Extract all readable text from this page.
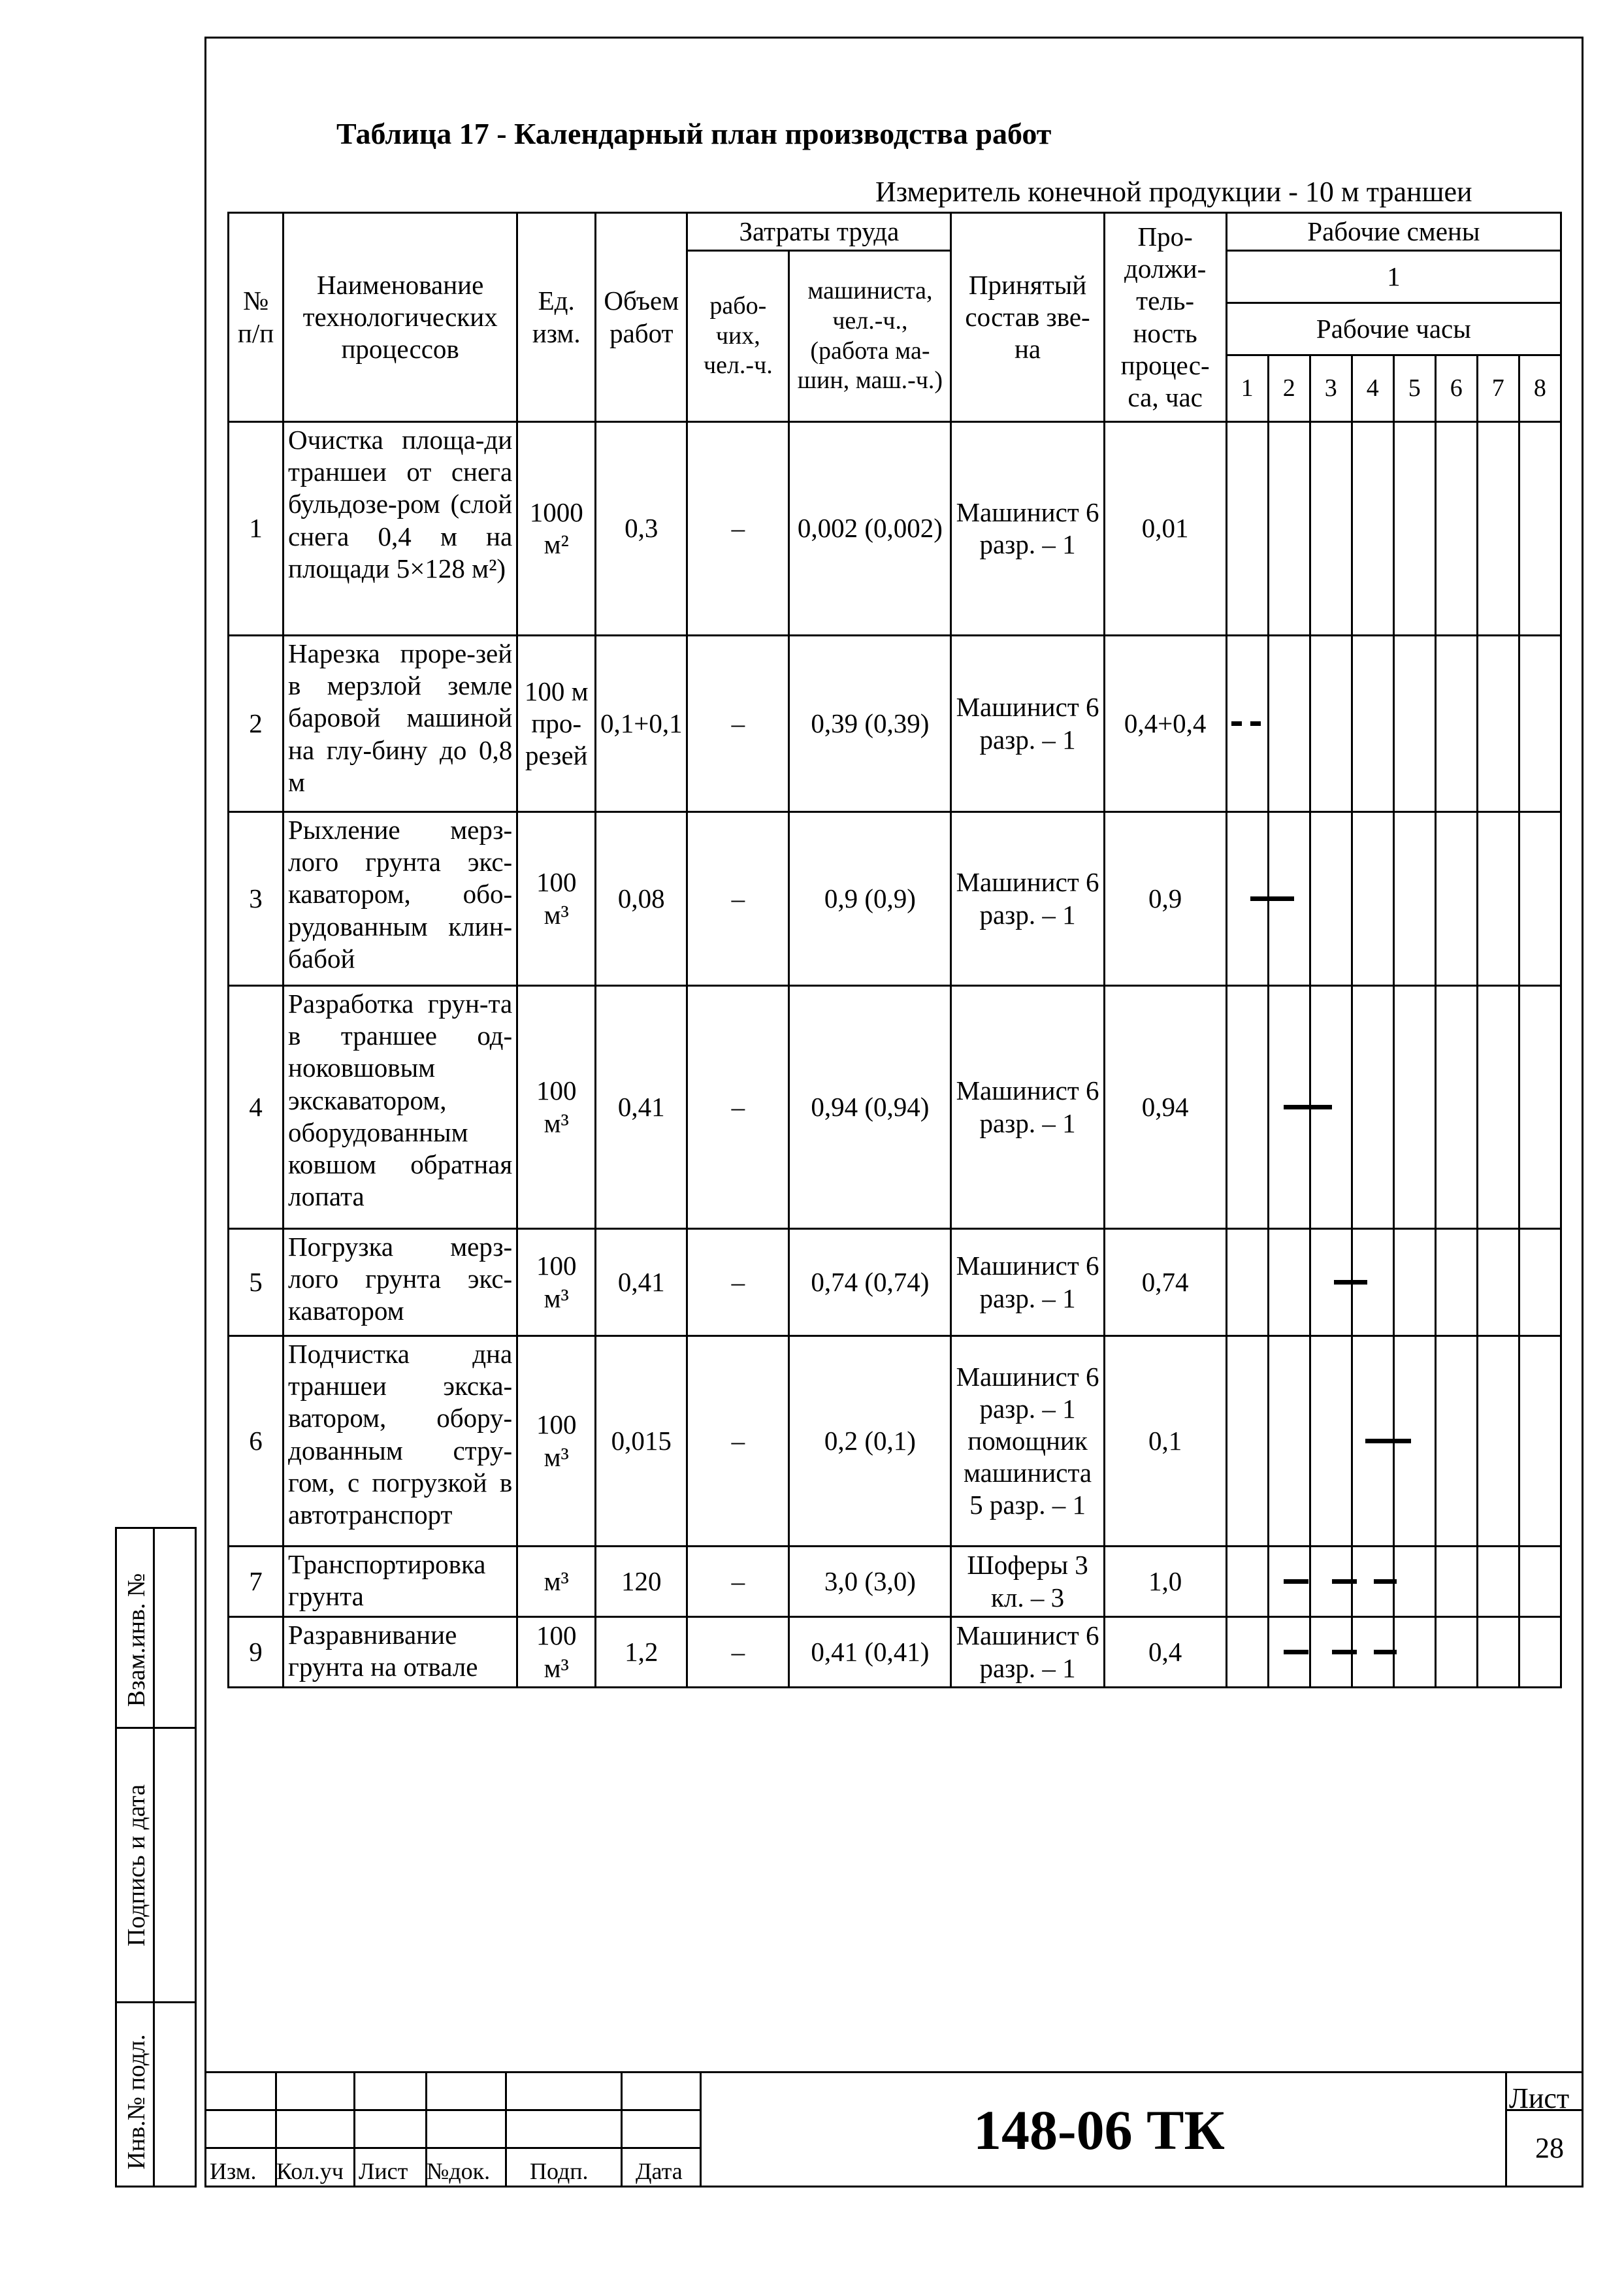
Таблица 17 - Календарный план производства работ
Измеритель конечной продукции - 10 м траншеи
№ п/п	Наименование технологических процессов	Ед. изм.	Объем работ	Затраты труда		Принятый состав зве-на	Про-должи-тель-ность процес-са, час	Рабочие смены							
				рабо-чих, чел.-ч.	машиниста, чел.-ч., (работа ма-шин, маш.-ч.)			1							
								Рабочие часы							
								1	2	3	4	5	6	7	8
1	Очистка площа-ди траншеи от снега бульдозе-ром (слой снега 0,4 м на площади 5×128 м²)	1000 м²	0,3	–	0,002 (0,002)	Машинист 6 разр. – 1	0,01								
2	Нарезка проре-зей в мерзлой земле баровой машиной на глу-бину до 0,8 м	100 м про-резей	0,1+0,1	–	0,39 (0,39)	Машинист 6 разр. – 1	0,4+0,4	

3	Рыхление мерз-лого грунта экс-каватором, обо-рудованным клин-бабой	100 м³	0,08	–	0,9 (0,9)	Машинист 6 разр. – 1	0,9	

4	Разработка грун-та в траншее од-ноковшовым экскаватором, оборудованным ковшом обратная лопата	100 м³	0,41	–	0,94 (0,94)	Машинист 6 разр. – 1	0,94	

5	Погрузка мерз-лого грунта экс-каватором	100 м³	0,41	–	0,74 (0,74)	Машинист 6 разр. – 1	0,74	

6	Подчистка дна траншеи экска-ватором, обору-дованным стру-гом, с погрузкой в автотранспорт	100 м³	0,015	–	0,2 (0,1)	Машинист 6 разр. – 1 помощник машиниста 5 разр. – 1	0,1	

7	Транспортировка грунта	м³	120	–	3,0 (3,0)	Шоферы 3 кл. – 3	1,0	

9	Разравнивание грунта на отвале	100 м³	1,2	–	0,41 (0,41)	Машинист 6 разр. – 1	0,4	

Взам.инв. №
Подпись и дата
Инв.№ подл.
Изм. Кол.уч Лист №док. Подп. Дата
148-06 ТК
Лист
28
